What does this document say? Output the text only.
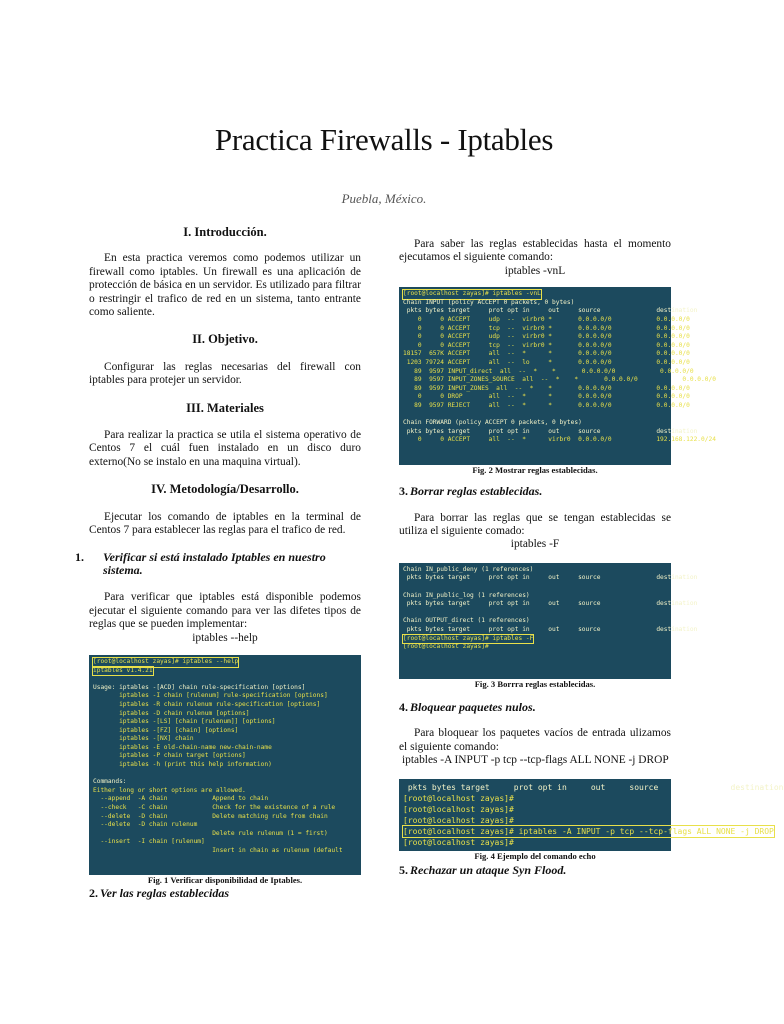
Practica Firewalls - Iptables
Puebla, México.
I. Introducción.

En esta practica veremos como podemos utilizar un firewall como iptables. Un firewall es una aplicación de protección de básica en un servidor. Es utilizado para filtrar o restringir el trafico de red en un sistema, tanto entrante como saliente.

II. Objetivo.

Configurar las reglas necesarias del firewall con iptables para protejer un servidor.

III. Materiales

Para realizar la practica se utila el sistema operativo de Centos 7 el cuál fuen instalado en un disco duro externo(No se instalo en una maquina virtual).

IV. Metodología/Desarrollo.

Ejecutar los comando de iptables en la terminal de Centos 7 para establecer las reglas para el trafico de red.

1. Verificar si está instalado Iptables en nuestro sistema.

Para verificar que iptables está disponible podemos ejecutar el siguiente comando para ver las difetes tipos de reglas que se pueden implementar:

iptables --help

[root@localhost zayas]# iptables --help
iptables v1.4.21

Usage: iptables -[ACD] chain rule-specification [options]
iptables -I chain [rulenum] rule-specification [options]
iptables -R chain rulenum rule-specification [options]
iptables -D chain rulenum [options]
iptables -[LS] [chain [rulenum]] [options]
iptables -[FZ] [chain] [options]
iptables -[NX] chain
iptables -E old-chain-name new-chain-name
iptables -P chain target [options]
iptables -h (print this help information)

Commands:
Either long or short options are allowed.
--append  -A chain            Append to chain
--check   -C chain            Check for the existence of a rule
--delete  -D chain            Delete matching rule from chain
--delete  -D chain rulenum
Delete rule rulenum (1 = first)
--insert  -I chain [rulenum]
Insert in chain as rulenum (default
Fig. 1 Verificar disponibilidad de Iptables.
2. Ver las reglas establecidas

Para saber las reglas establecidas hasta el momento ejecutamos el siguiente comando:

iptables -vnL

[root@localhost zayas]# iptables -vnL
Chain INPUT (policy ACCEPT 0 packets, 0 bytes)
pkts bytes target     prot opt in     out     source               destination
0     0 ACCEPT     udp  --  virbr0 *       0.0.0.0/0            0.0.0.0/0
0     0 ACCEPT     tcp  --  virbr0 *       0.0.0.0/0            0.0.0.0/0
0     0 ACCEPT     udp  --  virbr0 *       0.0.0.0/0            0.0.0.0/0
0     0 ACCEPT     tcp  --  virbr0 *       0.0.0.0/0            0.0.0.0/0
18157  657K ACCEPT     all  --  *      *       0.0.0.0/0            0.0.0.0/0
1203 79724 ACCEPT     all  --  lo     *       0.0.0.0/0            0.0.0.0/0
89  9597 INPUT_direct  all  --  *    *       0.0.0.0/0            0.0.0.0/0
89  9597 INPUT_ZONES_SOURCE  all  --  *    *       0.0.0.0/0            0.0.0.0/0
89  9597 INPUT_ZONES  all  --  *    *       0.0.0.0/0            0.0.0.0/0
0     0 DROP       all  --  *      *       0.0.0.0/0            0.0.0.0/0
89  9597 REJECT     all  --  *      *       0.0.0.0/0            0.0.0.0/0

Chain FORWARD (policy ACCEPT 0 packets, 0 bytes)
pkts bytes target     prot opt in     out     source               destination
0     0 ACCEPT     all  --  *      virbr0  0.0.0.0/0            192.168.122.0/24
Fig. 2 Mostrar reglas establecidas.
3. Borrar reglas establecidas.

Para borrar las reglas que se tengan establecidas se utiliza el siguiente comado:

iptables -F

Chain IN_public_deny (1 references)
pkts bytes target     prot opt in     out     source               destination

Chain IN_public_log (1 references)
pkts bytes target     prot opt in     out     source               destination

Chain OUTPUT_direct (1 references)
pkts bytes target     prot opt in     out     source               destination
[root@localhost zayas]# iptables -F
[root@localhost zayas]#
Fig. 3 Borrra reglas establecidas.
4. Bloquear paquetes nulos.

Para bloquear los paquetes vacíos de entrada ulizamos el siguiente comando:

iptables -A INPUT -p tcp --tcp-flags ALL NONE -j DROP

pkts bytes target     prot opt in     out     source               destination
[root@localhost zayas]#
[root@localhost zayas]#
[root@localhost zayas]#
[root@localhost zayas]# iptables -A INPUT -p tcp --tcp-flags ALL NONE -j DROP
[root@localhost zayas]#
Fig. 4 Ejemplo del comando echo
5. Rechazar un ataque Syn Flood.
